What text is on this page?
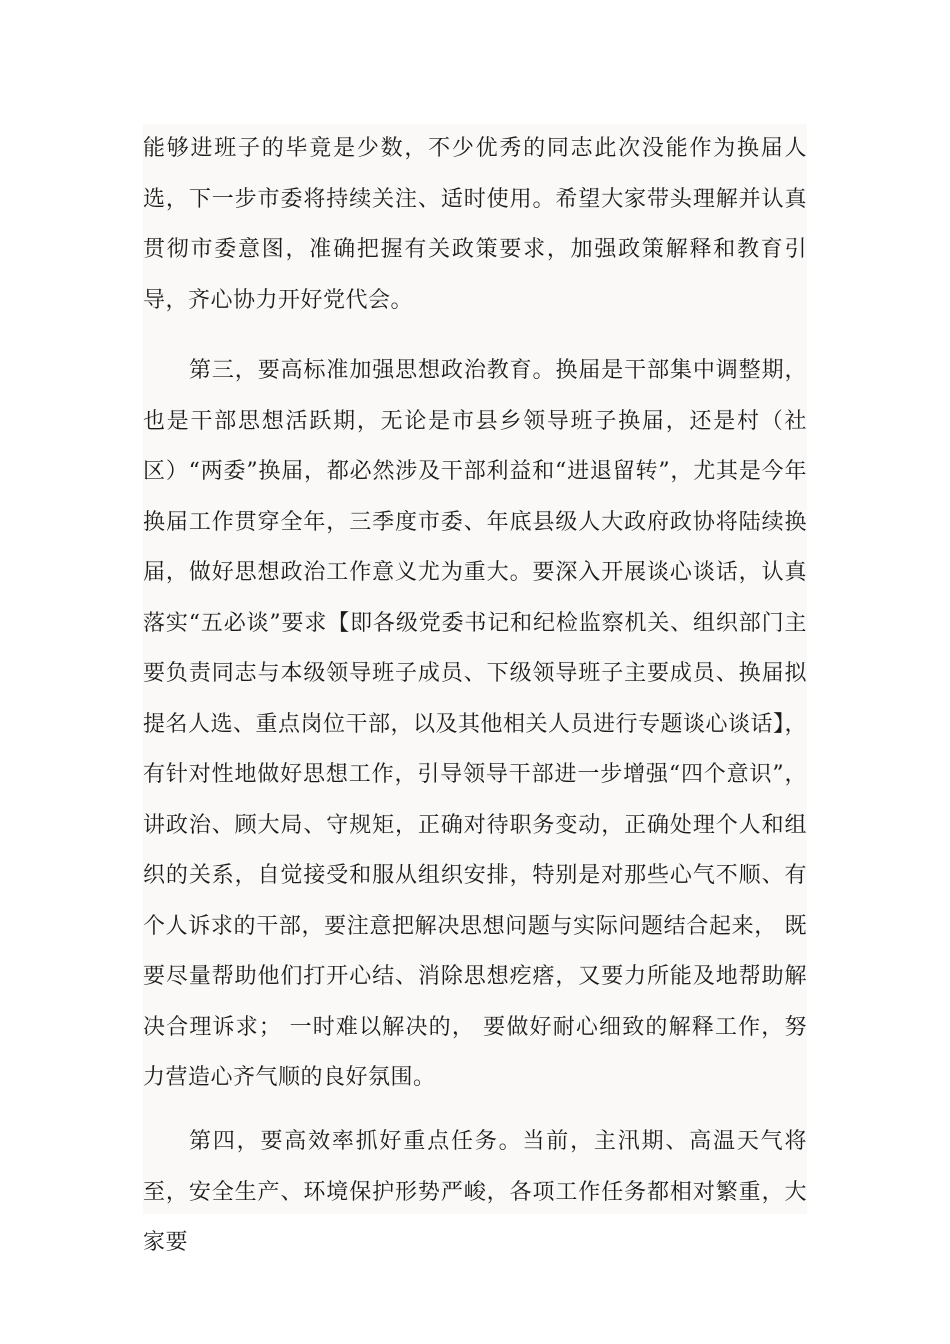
能够进班子的毕竟是少数，不少优秀的同志此次没能作为换届人选，下一步市委将持续关注、适时使用。希望大家带头理解并认真贯彻市委意图，准确把握有关政策要求，加强政策解释和教育引导，齐心协力开好党代会。

第三，要高标准加强思想政治教育。换届是干部集中调整期，也是干部思想活跃期，无论是市县乡领导班子换届，还是村（社区）“两委”换届，都必然涉及干部利益和“进退留转”，尤其是今年换届工作贯穿全年，三季度市委、年底县级人大政府政协将陆续换届，做好思想政治工作意义尤为重大。要深入开展谈心谈话，认真落实“五必谈”要求【即各级党委书记和纪检监察机关、组织部门主要负责同志与本级领导班子成员、下级领导班子主要成员、换届拟提名人选、重点岗位干部，以及其他相关人员进行专题谈心谈话】，有针对性地做好思想工作，引导领导干部进一步增强“四个意识”，讲政治、顾大局、守规矩，正确对待职务变动，正确处理个人和组织的关系，自觉接受和服从组织安排，特别是对那些心气不顺、有个人诉求的干部，要注意把解决思想问题与实际问题结合起来， 既要尽量帮助他们打开心结、消除思想疙瘩，又要力所能及地帮助解决合理诉求； 一时难以解决的， 要做好耐心细致的解释工作，努力营造心齐气顺的良好氛围。

第四，要高效率抓好重点任务。当前，主汛期、高温天气将至，安全生产、环境保护形势严峻，各项工作任务都相对繁重，大家要
